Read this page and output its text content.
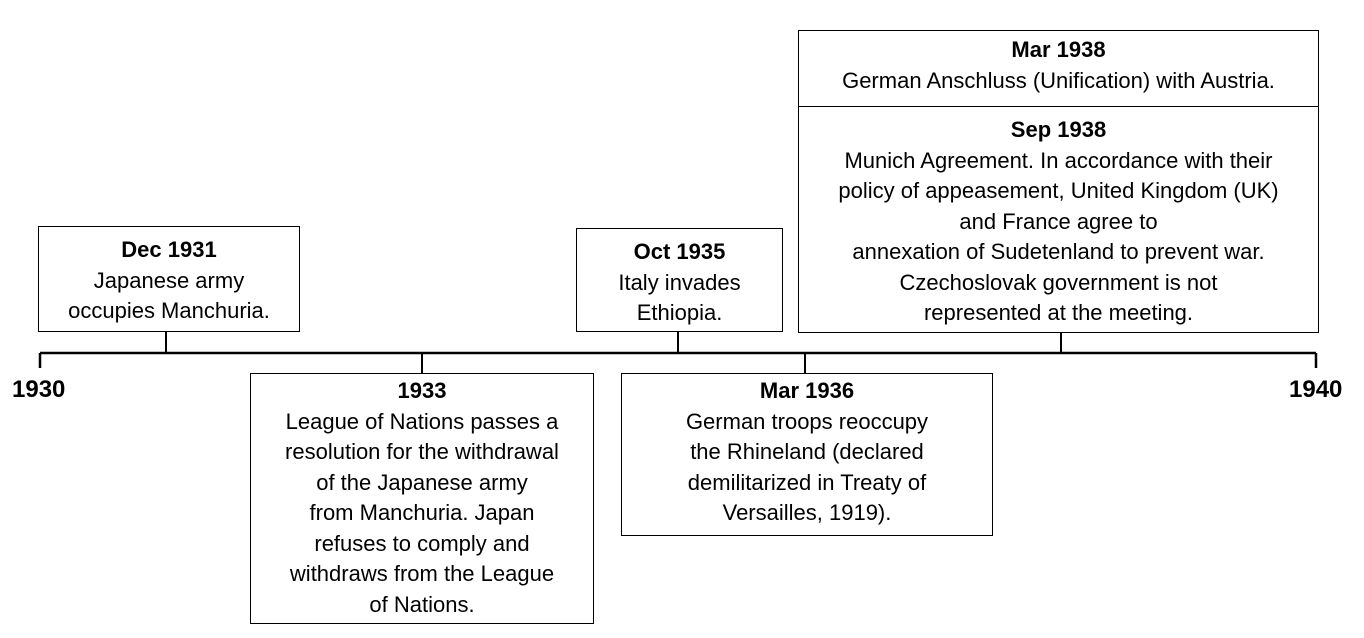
1930	1940
Dec 1931
Japanese army
occupies Manchuria.
1933
League of Nations passes a
resolution for the withdrawal
of the Japanese army
from Manchuria. Japan
refuses to comply and
withdraws from the League
of Nations.
Oct 1935
Italy invades
Ethiopia.
Mar 1936
German troops reoccupy
the Rhineland (declared
demilitarized in Treaty of
Versailles, 1919).
Mar 1938
German Anschluss (Unification) with Austria.
Sep 1938
Munich Agreement. In accordance with their
policy of appeasement, United Kingdom (UK)
and France agree to
annexation of Sudetenland to prevent war.
Czechoslovak government is not
represented at the meeting.
